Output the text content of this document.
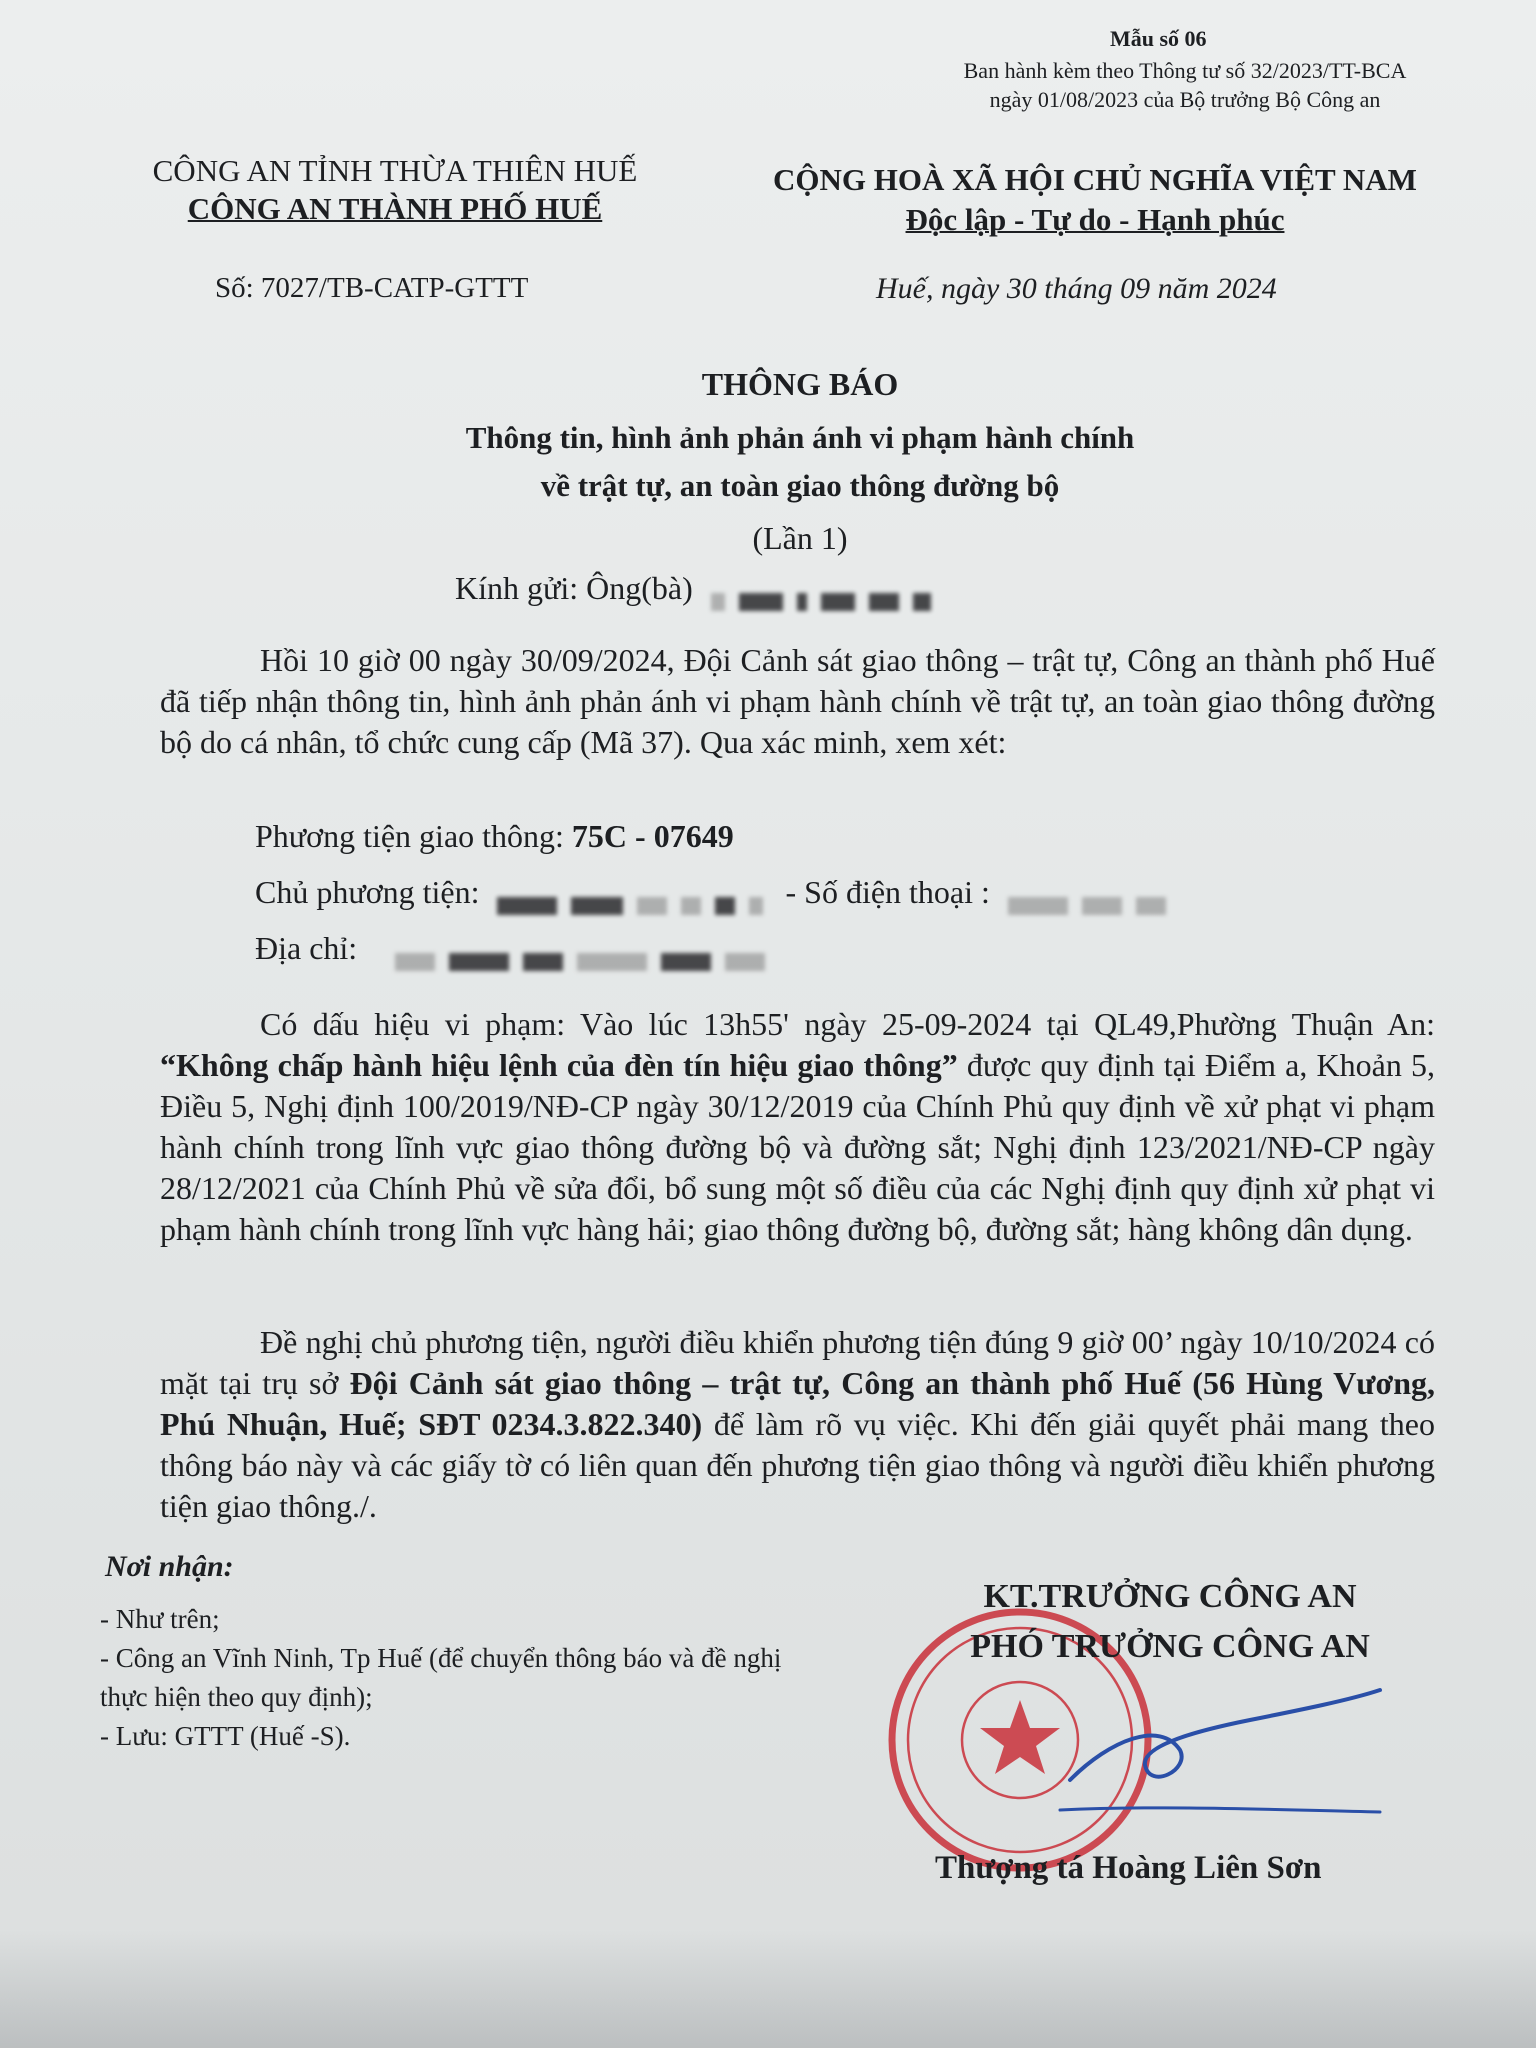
Mẫu số 06
Ban hành kèm theo Thông tư số 32/2023/TT-BCA
ngày 01/08/2023 của Bộ trưởng Bộ Công an
CÔNG AN TỈNH THỪA THIÊN HUẾ
CÔNG AN THÀNH PHỐ HUẾ
CỘNG HOÀ XÃ HỘI CHỦ NGHĨA VIỆT NAM
Độc lập - Tự do - Hạnh phúc
Số: 7027/TB-CATP-GTTT	Huế, ngày 30 tháng 09 năm 2024
THÔNG BÁO
Thông tin, hình ảnh phản ánh vi phạm hành chính
về trật tự, an toàn giao thông đường bộ
(Lần 1)
Kính gửi: Ông(bà)
Hồi 10 giờ 00 ngày 30/09/2024, Đội Cảnh sát giao thông – trật tự, Công an thành phố Huế đã tiếp nhận thông tin, hình ảnh phản ánh vi phạm hành chính về trật tự, an toàn giao thông đường bộ do cá nhân, tổ chức cung cấp (Mã 37). Qua xác minh, xem xét:
Phương tiện giao thông: 75C - 07649
Chủ phương tiện:	- Số điện thoại :
Địa chỉ:
Có dấu hiệu vi phạm: Vào lúc 13h55' ngày 25-09-2024 tại QL49,Phường Thuận An: “Không chấp hành hiệu lệnh của đèn tín hiệu giao thông” được quy định tại Điểm a, Khoản 5, Điều 5, Nghị định 100/2019/NĐ-CP ngày 30/12/2019 của Chính Phủ quy định về xử phạt vi phạm hành chính trong lĩnh vực giao thông đường bộ và đường sắt; Nghị định 123/2021/NĐ-CP ngày 28/12/2021 của Chính Phủ về sửa đổi, bổ sung một số điều của các Nghị định quy định xử phạt vi phạm hành chính trong lĩnh vực hàng hải; giao thông đường bộ, đường sắt; hàng không dân dụng.
Đề nghị chủ phương tiện, người điều khiển phương tiện đúng 9 giờ 00’ ngày 10/10/2024 có mặt tại trụ sở Đội Cảnh sát giao thông – trật tự, Công an thành phố Huế (56 Hùng Vương, Phú Nhuận, Huế; SĐT 0234.3.822.340) để làm rõ vụ việc. Khi đến giải quyết phải mang theo thông báo này và các giấy tờ có liên quan đến phương tiện giao thông và người điều khiển phương tiện giao thông./.
Nơi nhận:
- Như trên;
- Công an Vĩnh Ninh, Tp Huế (để chuyển thông báo và đề nghị thực hiện theo quy định);
- Lưu: GTTT (Huế -S).
KT.TRƯỞNG CÔNG AN
PHÓ TRƯỞNG CÔNG AN
Thượng tá Hoàng Liên Sơn
